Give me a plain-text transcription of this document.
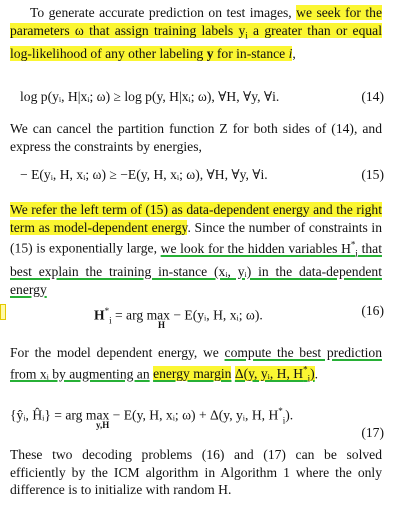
To generate accurate prediction on test images, we seek for the parameters ω that assign training labels $y_i$ a greater than or equal log-likelihood of any other labeling y for in-stance i,
log p(yᵢ, H|xᵢ; ω) ≥ log p(y, H|xᵢ; ω), ∀H, ∀y, ∀i.	(14)
We can cancel the partition function Z for both sides of (14), and express the constraints by energies,
− E(yᵢ, H, xᵢ; ω) ≥ −E(y, H, xᵢ; ω), ∀H, ∀y, ∀i.	(15)
We refer the left term of (15) as data-dependent energy and the right term as model-dependent energy. Since the number of constraints in (15) is exponentially large, we look for the hidden variables $H^*_i$ that best explain the training in-stance (xᵢ, yᵢ) in the data-dependent energy
$H^*_i$ = arg max − E(yᵢ, H, xᵢ; ω).
H
(16)
For the model dependent energy, we compute the best prediction from xᵢ by augmenting an energy margin Δ(y, yᵢ, H, $H^*_i$).
{ŷᵢ, Ĥᵢ} = arg max − E(y, H, xᵢ; ω) + Δ(y, yᵢ, H, $H^*_i$).
y,H	(17)
These two decoding problems (16) and (17) can be solved efficiently by the ICM algorithm in Algorithm 1 where the only difference is to initialize with random H.
